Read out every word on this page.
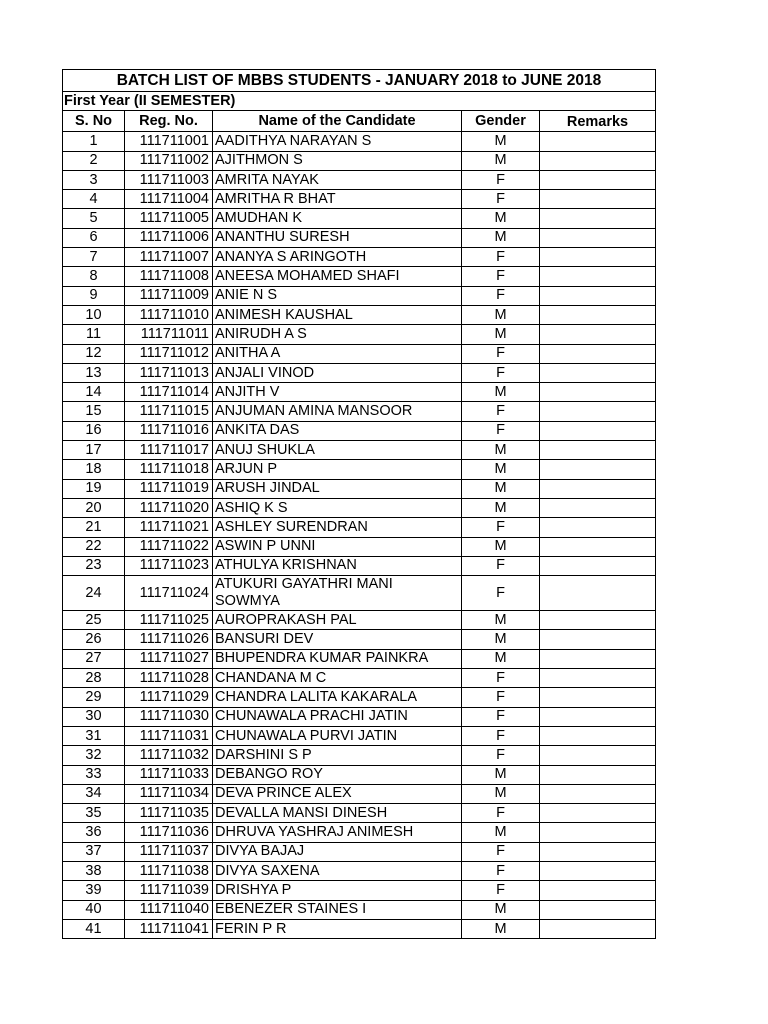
BATCH LIST OF MBBS STUDENTS - JANUARY 2018 to JUNE 2018				
First Year (II SEMESTER)				
S. No	Reg. No.	Name of the Candidate	Gender	Remarks
1	111711001	AADITHYA NARAYAN S	M	
2	111711002	AJITHMON S	M	
3	111711003	AMRITA NAYAK	F	
4	111711004	AMRITHA R BHAT	F	
5	111711005	AMUDHAN K	M	
6	111711006	ANANTHU SURESH	M	
7	111711007	ANANYA S ARINGOTH	F	
8	111711008	ANEESA MOHAMED SHAFI	F	
9	111711009	ANIE N S	F	
10	111711010	ANIMESH KAUSHAL	M	
11	111711011	ANIRUDH A S	M	
12	111711012	ANITHA A	F	
13	111711013	ANJALI VINOD	F	
14	111711014	ANJITH V	M	
15	111711015	ANJUMAN AMINA MANSOOR	F	
16	111711016	ANKITA DAS	F	
17	111711017	ANUJ SHUKLA	M	
18	111711018	ARJUN P	M	
19	111711019	ARUSH JINDAL	M	
20	111711020	ASHIQ K S	M	
21	111711021	ASHLEY SURENDRAN	F	
22	111711022	ASWIN P UNNI	M	
23	111711023	ATHULYA KRISHNAN	F	
24	111711024	ATUKURI GAYATHRI MANI SOWMYA	F	
25	111711025	AUROPRAKASH PAL	M	
26	111711026	BANSURI DEV	M	
27	111711027	BHUPENDRA KUMAR PAINKRA	M	
28	111711028	CHANDANA M C	F	
29	111711029	CHANDRA LALITA KAKARALA	F	
30	111711030	CHUNAWALA PRACHI JATIN	F	
31	111711031	CHUNAWALA PURVI JATIN	F	
32	111711032	DARSHINI S P	F	
33	111711033	DEBANGO ROY	M	
34	111711034	DEVA PRINCE ALEX	M	
35	111711035	DEVALLA MANSI DINESH	F	
36	111711036	DHRUVA YASHRAJ ANIMESH	M	
37	111711037	DIVYA BAJAJ	F	
38	111711038	DIVYA SAXENA	F	
39	111711039	DRISHYA P	F	
40	111711040	EBENEZER STAINES I	M	
41	111711041	FERIN P R	M	
